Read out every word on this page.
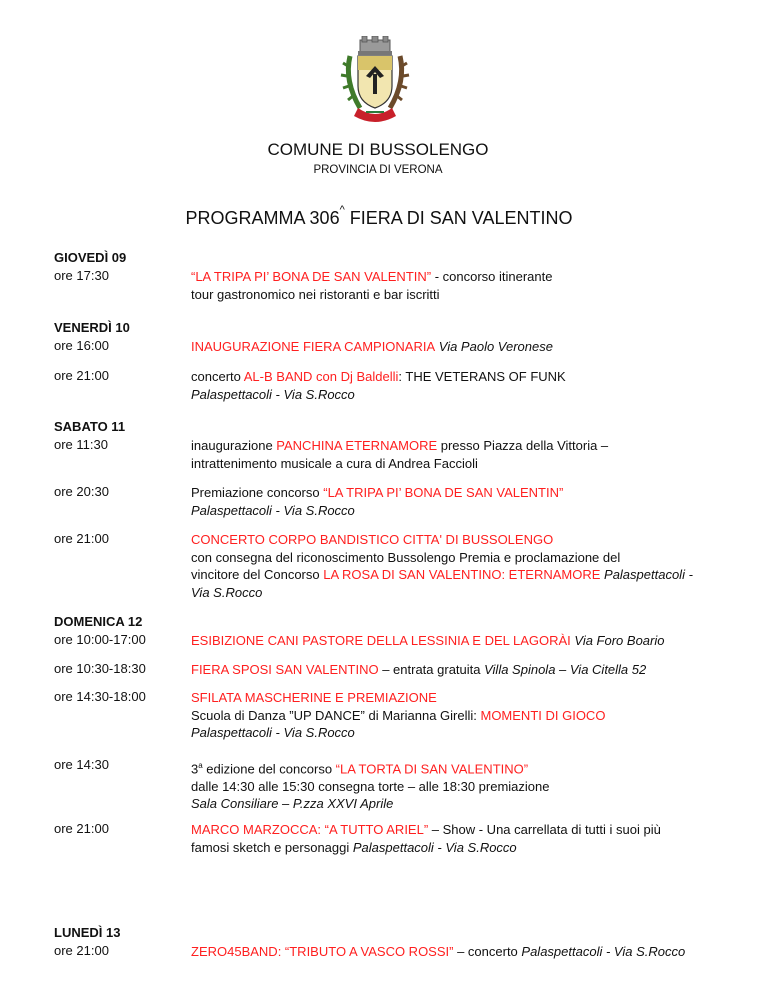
COMUNE DI BUSSOLENGO
PROVINCIA DI VERONA
PROGRAMMA 306^ FIERA DI SAN VALENTINO
GIOVEDÌ 09
ore 17:30	“LA TRIPA PI’ BONA DE SAN VALENTIN” - concorso itinerante
tour gastronomico nei ristoranti e bar iscritti
VENERDÌ 10
ore 16:00	INAUGURAZIONE FIERA CAMPIONARIA Via Paolo Veronese
ore 21:00	concerto AL-B BAND con Dj Baldelli: THE VETERANS OF FUNK
Palaspettacoli - Via S.Rocco
SABATO 11
ore 11:30	inaugurazione PANCHINA ETERNAMORE presso Piazza della Vittoria –
intrattenimento musicale a cura di Andrea Faccioli
ore 20:30	Premiazione concorso “LA TRIPA PI’ BONA DE SAN VALENTIN”
Palaspettacoli - Via S.Rocco
ore 21:00	CONCERTO CORPO BANDISTICO CITTA' DI BUSSOLENGO
con consegna del riconoscimento Bussolengo Premia e proclamazione del
vincitore del Concorso LA ROSA DI SAN VALENTINO: ETERNAMORE Palaspettacoli -
Via S.Rocco
DOMENICA 12
ore 10:00-17:00	ESIBIZIONE CANI PASTORE DELLA LESSINIA E DEL LAGORÀI Via Foro Boario
ore 10:30-18:30	FIERA SPOSI SAN VALENTINO – entrata gratuita Villa Spinola – Via Citella 52
ore 14:30-18:00	SFILATA MASCHERINE E PREMIAZIONE
Scuola di Danza ”UP DANCE” di Marianna Girelli: MOMENTI DI GIOCO
Palaspettacoli - Via S.Rocco
ore 14:30	3$^a$ edizione del concorso “LA TORTA DI SAN VALENTINO”
dalle 14:30 alle 15:30 consegna torte – alle 18:30 premiazione
Sala Consiliare – P.zza XXVI Aprile
ore 21:00	MARCO MARZOCCA: “A TUTTO ARIEL” – Show - Una carrellata di tutti i suoi più
famosi sketch e personaggi Palaspettacoli - Via S.Rocco
LUNEDÌ 13
ore 21:00	ZERO45BAND: “TRIBUTO A VASCO ROSSI” – concerto Palaspettacoli - Via S.Rocco
